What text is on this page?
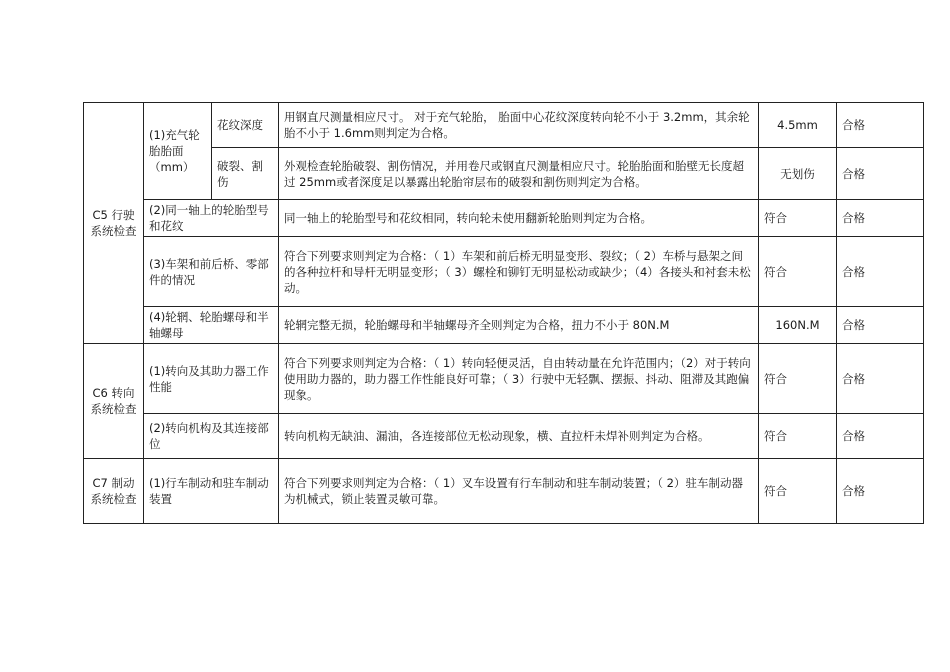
C5 行驶系统检查	(1)充气轮胎胎面（mm）	花纹深度	用钢直尺测量相应尺寸。 对于充气轮胎， 胎面中心花纹深度转向轮不小于 3.2mm，其余轮胎不小于 1.6mm则判定为合格。	4.5mm	合格
		破裂、割伤	外观检查轮胎破裂、割伤情况，并用卷尺或钢直尺测量相应尺寸。轮胎胎面和胎壁无长度超过 25mm或者深度足以暴露出轮胎帘层布的破裂和割伤则判定为合格。	无划伤	合格
	(2)同一轴上的轮胎型号和花纹		同一轴上的轮胎型号和花纹相同，转向轮未使用翻新轮胎则判定为合格。	符合	合格
	(3)车架和前后桥、零部件的情况		符合下列要求则判定为合格：（ 1）车架和前后桥无明显变形、裂纹；（ 2）车桥与悬架之间的各种拉杆和导杆无明显变形；（ 3）螺栓和铆钉无明显松动或缺少；（4）各接头和衬套未松动。	符合	合格
	(4)轮辋、轮胎螺母和半轴螺母		轮辋完整无损，轮胎螺母和半轴螺母齐全则判定为合格，扭力不小于 80N.M	160N.M	合格
C6 转向系统检查	(1)转向及其助力器工作性能		符合下列要求则判定为合格：（ 1）转向轻便灵活，自由转动量在允许范围内；（2）对于转向使用助力器的，助力器工作性能良好可靠；（ 3）行驶中无轻飘、摆振、抖动、阻滞及其跑偏现象。	符合	合格
	(2)转向机构及其连接部位		转向机构无缺油、漏油，各连接部位无松动现象，横、直拉杆未焊补则判定为合格。	符合	合格
C7 制动系统检查	(1)行车制动和驻车制动装置		符合下列要求则判定为合格：（ 1）叉车设置有行车制动和驻车制动装置；（ 2）驻车制动器为机械式，锁止装置灵敏可靠。	符合	合格
